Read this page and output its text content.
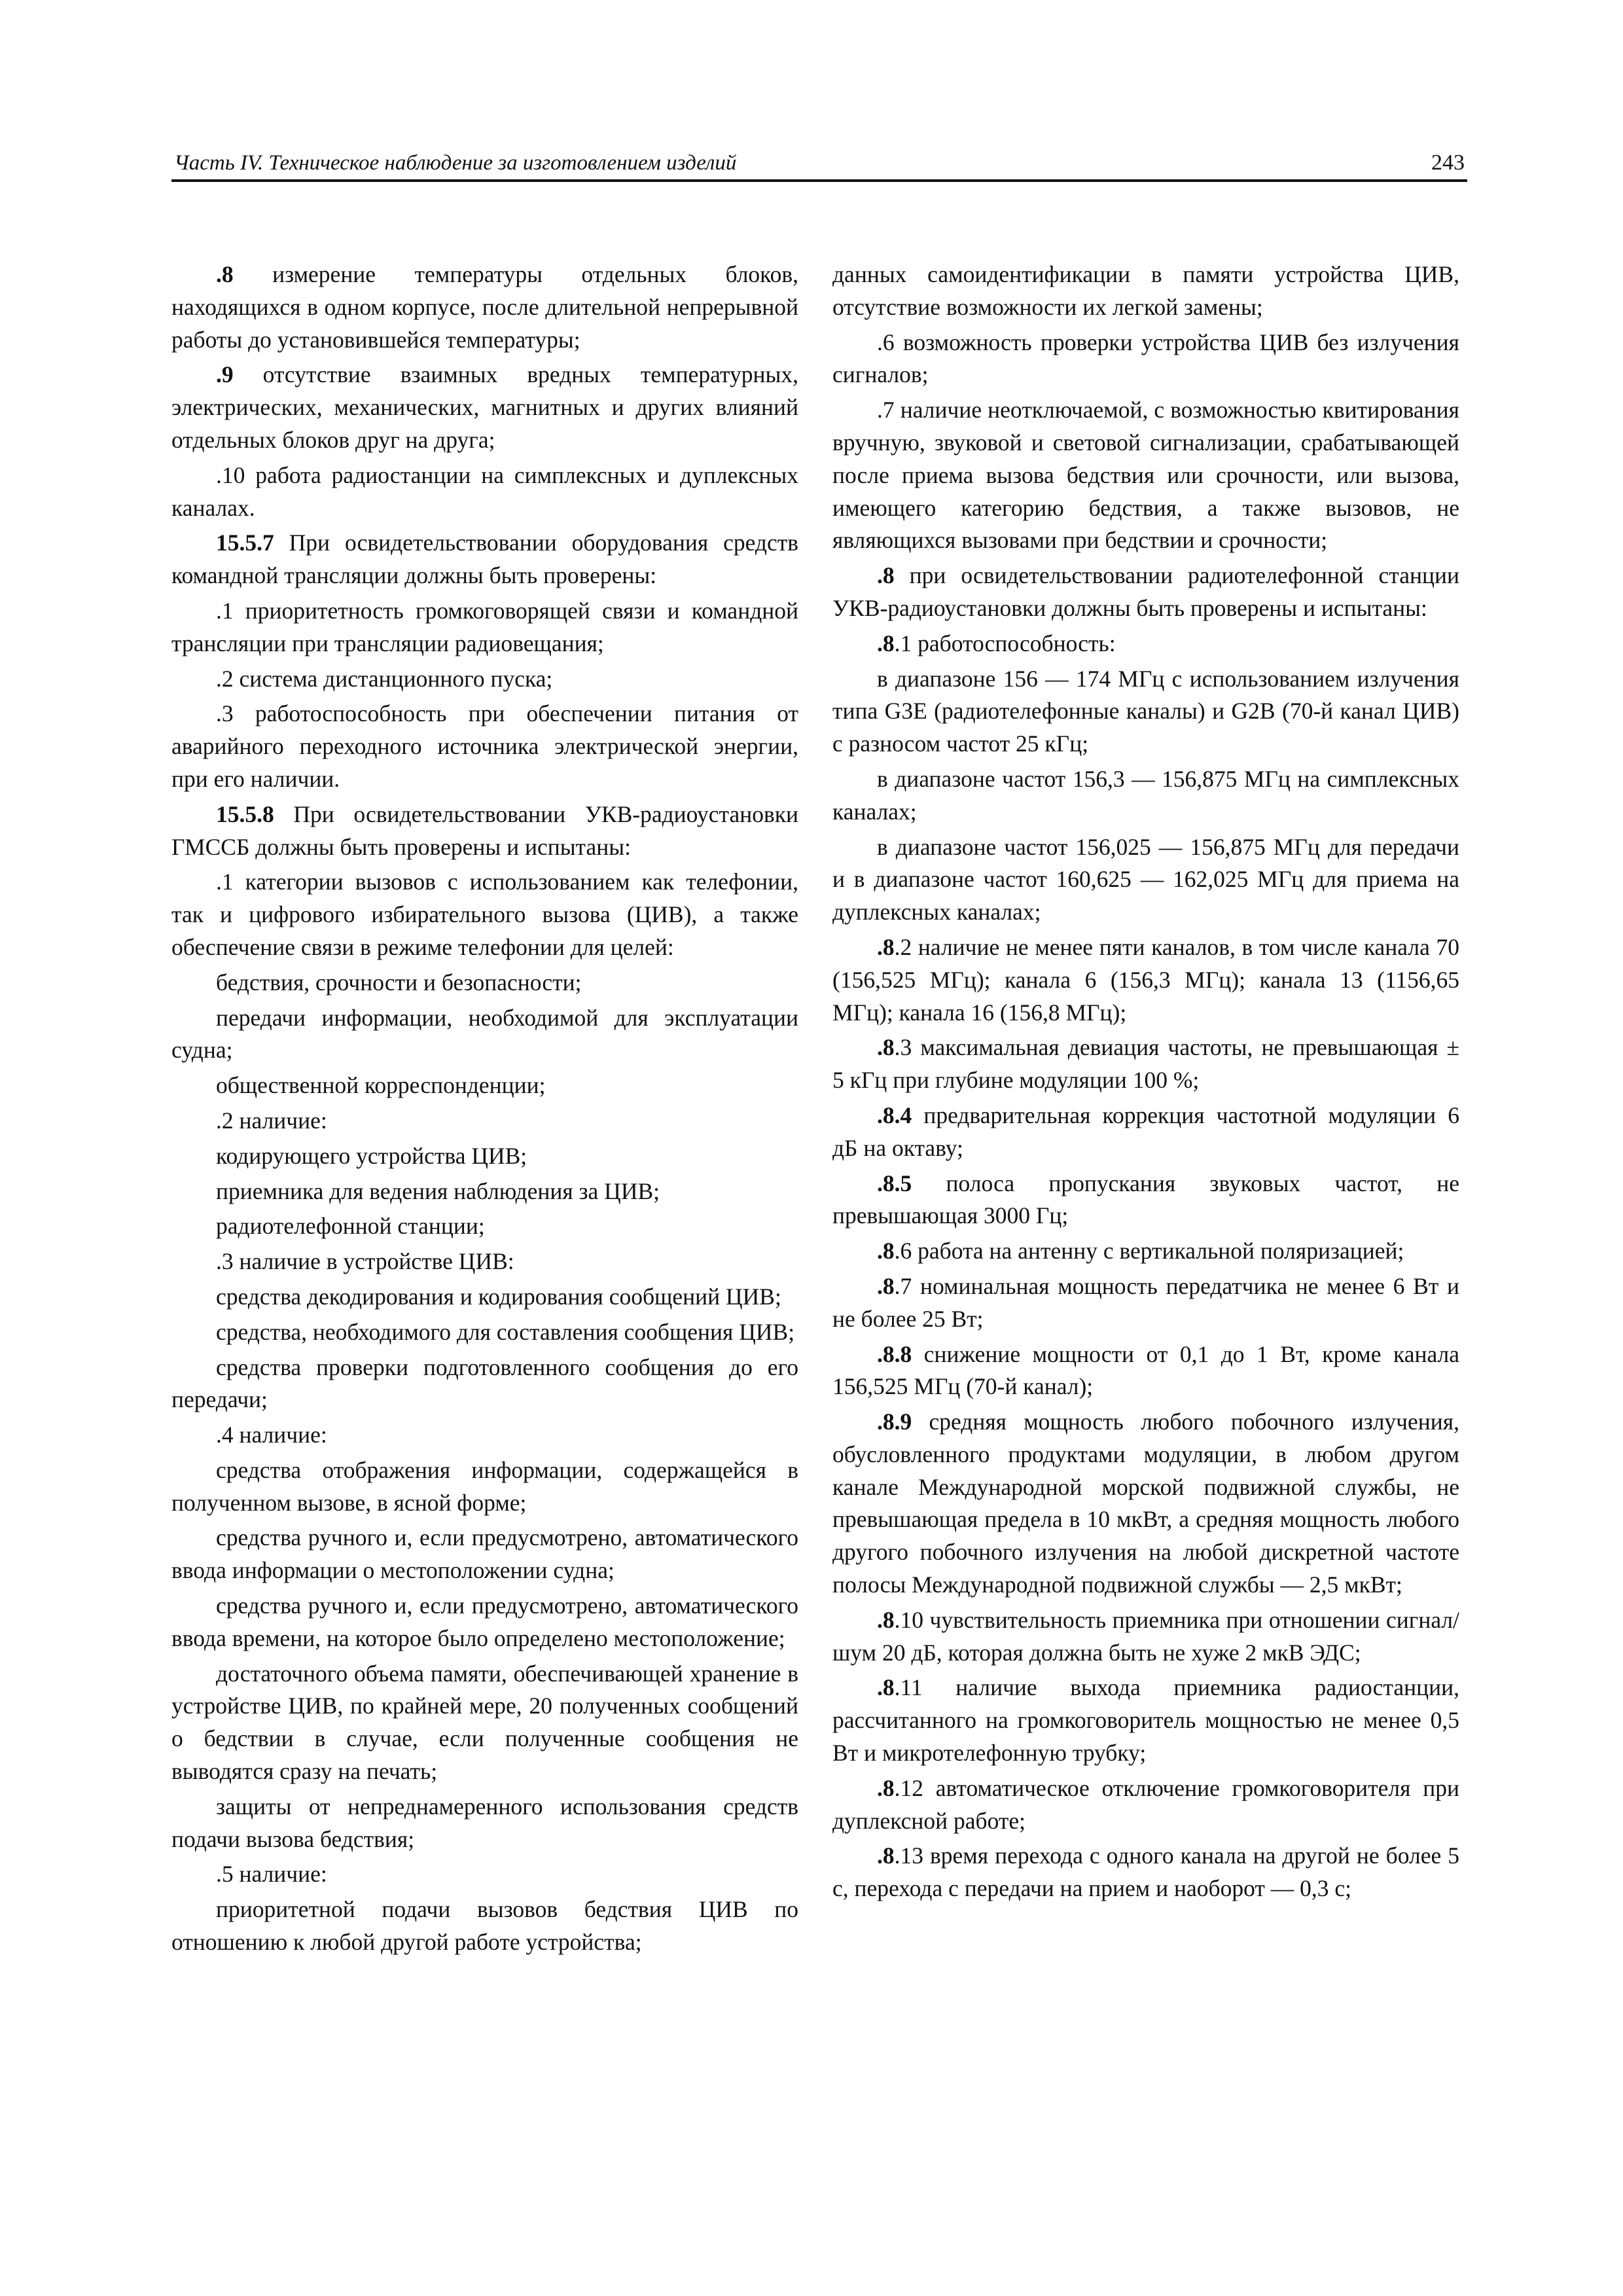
Часть IV. Техническое наблюдение за изготовлением изделий	243

.8 измерение температуры отдельных блоков, находящихся в одном корпусе, после длительной непрерывной работы до установившейся температуры;

.9 отсутствие взаимных вредных температурных, электрических, механических, магнитных и других влияний отдельных блоков друг на друга;

.10 работа радиостанции на симплексных и дуплексных каналах.

15.5.7 При освидетельствовании оборудования средств командной трансляции должны быть проверены:

.1 приоритетность громкоговорящей связи и командной трансляции при трансляции радиовещания;

.2 система дистанционного пуска;

.3 работоспособность при обеспечении питания от аварийного переходного источника электрической энергии, при его наличии.

15.5.8 При освидетельствовании УКВ-радиоустановки ГМССБ должны быть проверены и испытаны:

.1 категории вызовов с использованием как телефонии, так и цифрового избирательного вызова (ЦИВ), а также обеспечение связи в режиме телефонии для целей:

бедствия, срочности и безопасности;

передачи информации, необходимой для эксплуатации судна;

общественной корреспонденции;

.2 наличие:

кодирующего устройства ЦИВ;

приемника для ведения наблюдения за ЦИВ;

радиотелефонной станции;

.3 наличие в устройстве ЦИВ:

средства декодирования и кодирования сообщений ЦИВ;

средства, необходимого для составления сообщения ЦИВ;

средства проверки подготовленного сообщения до его передачи;

.4 наличие:

средства отображения информации, содержащейся в полученном вызове, в ясной форме;

средства ручного и, если предусмотрено, автоматического ввода информации о местоположении судна;

средства ручного и, если предусмотрено, автоматического ввода времени, на которое было определено местоположение;

достаточного объема памяти, обеспечивающей хранение в устройстве ЦИВ, по крайней мере, 20 полученных сообщений о бедствии в случае, если полученные сообщения не выводятся сразу на печать;

защиты от непреднамеренного использования средств подачи вызова бедствия;

.5 наличие:

приоритетной подачи вызовов бедствия ЦИВ по отношению к любой другой работе устройства;

данных самоидентификации в памяти устройства ЦИВ, отсутствие возможности их легкой замены;

.6 возможность проверки устройства ЦИВ без излучения сигналов;

.7 наличие неотключаемой, с возможностью квитирования вручную, звуковой и световой сигнализации, срабатывающей после приема вызова бедствия или срочности, или вызова, имеющего категорию бедствия, а также вызовов, не являющихся вызовами при бедствии и срочности;

.8 при освидетельствовании радиотелефонной станции УКВ-радиоустановки должны быть проверены и испытаны:

.8.1 работоспособность:

в диапазоне 156 — 174 МГц с использованием излучения типа G3E (радиотелефонные каналы) и G2B (70-й канал ЦИВ) с разносом частот 25 кГц;

в диапазоне частот 156,3 — 156,875 МГц на симплексных каналах;

в диапазоне частот 156,025 — 156,875 МГц для передачи и в диапазоне частот 160,625 — 162,025 МГц для приема на дуплексных каналах;

.8.2 наличие не менее пяти каналов, в том числе канала 70 (156,525 МГц); канала 6 (156,3 МГц); канала 13 (1156,65 МГц); канала 16 (156,8 МГц);

.8.3 максимальная девиация частоты, не превышающая ± 5 кГц при глубине модуляции 100 %;

.8.4 предварительная коррекция частотной модуляции 6 дБ на октаву;

.8.5 полоса пропускания звуковых частот, не превышающая 3000 Гц;

.8.6 работа на антенну с вертикальной поляризацией;

.8.7 номинальная мощность передатчика не менее 6 Вт и не более 25 Вт;

.8.8 снижение мощности от 0,1 до 1 Вт, кроме канала 156,525 МГц (70-й канал);

.8.9 средняя мощность любого побочного излучения, обусловленного продуктами модуляции, в любом другом канале Международной морской подвижной службы, не превышающая предела в 10 мкВт, а средняя мощность любого другого побочного излучения на любой дискретной частоте полосы Международной подвижной службы — 2,5 мкВт;

.8.10 чувствительность приемника при отношении сигнал/шум 20 дБ, которая должна быть не хуже 2 мкВ ЭДС;

.8.11 наличие выхода приемника радиостанции, рассчитанного на громкоговоритель мощностью не менее 0,5 Вт и микротелефонную трубку;

.8.12 автоматическое отключение громкоговорителя при дуплексной работе;

.8.13 время перехода с одного канала на другой не более 5 с, перехода с передачи на прием и наоборот — 0,3 с;
